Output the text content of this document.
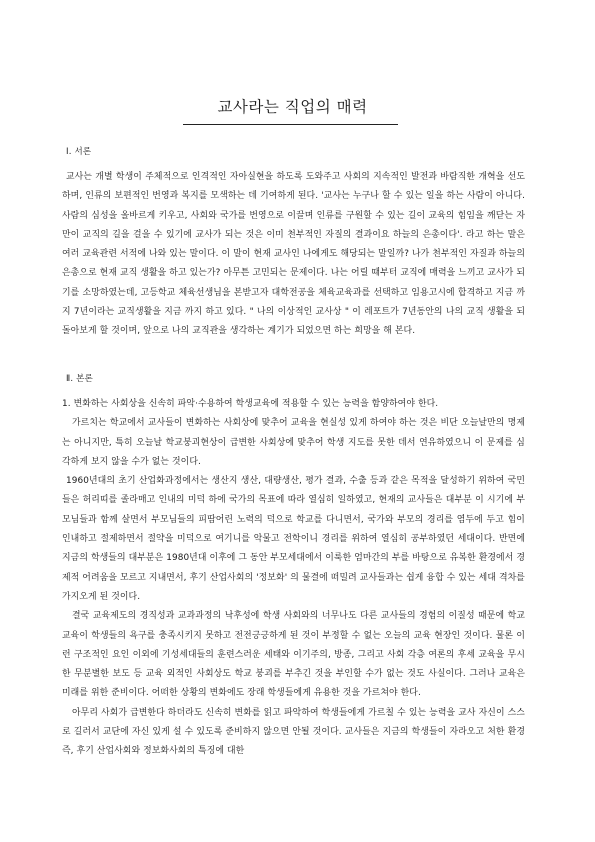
교사라는 직업의 매력
Ⅰ. 서론

교사는 개별 학생이 주체적으로 인격적인 자아실현을 하도록 도와주고 사회의 지속적인 발전과 바람직한 개혁을 선도하며, 인류의 보편적인 번영과 복지를 모색하는 데 기여하게 된다. '교사는 누구나 할 수 있는 일을 하는 사람이 아니다. 사람의 심성을 올바르게 키우고, 사회와 국가를 번영으로 이끌며 인류를 구원할 수 있는 길이 교육의 힘임을 깨닫는 자만이 교직의 길을 걸을 수 있기에 교사가 되는 것은 이미 천부적인 자질의 결과이요 하늘의 은총이다'. 라고 하는 말은 여러 교육관련 서적에 나와 있는 말이다. 이 말이 현재 교사인 나에게도 해당되는 말일까? 나가 천부적인 자질과 하늘의 은총으로 현재 교직 생활을 하고 있는가? 아무튼 고민되는 문제이다. 나는 어릴 때부터 교직에 매력을 느끼고 교사가 되기를 소망하였는데, 고등학교 체육선생님을 본받고자 대학전공을 체육교육과를 선택하고 임용고시에 합격하고 지금 까지 7년이라는 교직생활을 지금 까지 하고 있다. " 나의 이상적인 교사상 " 이 레포트가 7년동안의 나의 교직 생활을 되돌아보게 할 것이며, 앞으로 나의 교직관을 생각하는 계기가 되었으면 하는 희망을 해 본다.

Ⅱ. 본론

1. 변화하는 사회상을 신속히 파악·수용하여 학생교육에 적용할 수 있는 능력을 함양하여야 한다.

가르치는 학교에서 교사들이 변화하는 사회상에 맞추어 교육을 현실성 있게 하여야 하는 것은 비단 오늘날만의 명제는 아니지만, 특히 오늘날 학교붕괴현상이 급변한 사회상에 맞추어 학생 지도를 못한 데서 연유하였으니 이 문제를 심각하게 보지 않을 수가 없는 것이다.

1960년대의 초기 산업화과정에서는 생산지 생산, 대량생산, 평가 결과, 수출 등과 같은 목적을 달성하기 위하여 국민들은 허리띠를 졸라매고 인내의 미덕 하에 국가의 목표에 따라 열심히 일하였고, 현재의 교사들은 대부분 이 시기에 부모님들과 함께 살면서 부모님들의 피땀어린 노력의 덕으로 학교를 다니면서, 국가와 부모의 경리를 염두에 두고 힘이 인내하고 절제하면서 절약을 미덕으로 여기니를 악물고 전학이니 경리를 위하여 열심히 공부하였던 세대이다. 반면에 지금의 학생들의 대부분은 1980년대 이후에 그 동안 부모세대에서 이룩한 엄마간의 부를 바탕으로 유복한 환경에서 경제적 어려움을 모르고 지내면서, 후기 산업사회의 '정보화' 의 물결에 떠밀려 교사들과는 쉽게 융합 수 있는 세대 격차를 가지오게 된 것이다.

결국 교육제도의 경직성과 교과과정의 낙후성에 학생 사회와의 너무나도 다른 교사들의 경험의 이질성 때문에 학교 교육이 학생들의 욕구를 충족시키지 못하고 전전긍긍하게 된 것이 부정할 수 없는 오늘의 교육 현장인 것이다. 물론 이런 구조적인 요인 이외에 기성세대들의 훈련스러운 세태와 이기주의, 방종, 그리고 사회 각층 여론의 후세 교육을 무시한 무분별한 보도 등 교육 외적인 사회상도 학교 붕괴를 부추긴 것을 부인할 수가 없는 것도 사실이다. 그러나 교육은 미래를 위한 준비이다. 어떠한 상황의 변화에도 장래 학생들에게 유용한 것을 가르쳐야 한다.

아무리 사회가 급변한다 하더라도 신속히 변화를 읽고 파악하여 학생들에게 가르칠 수 있는 능력을 교사 자신이 스스로 길러서 교단에 자신 있게 설 수 있도록 준비하지 않으면 안될 것이다. 교사들은 지금의 학생들이 자라오고 처한 환경 즉, 후기 산업사회와 정보화사회의 특징에 대한
